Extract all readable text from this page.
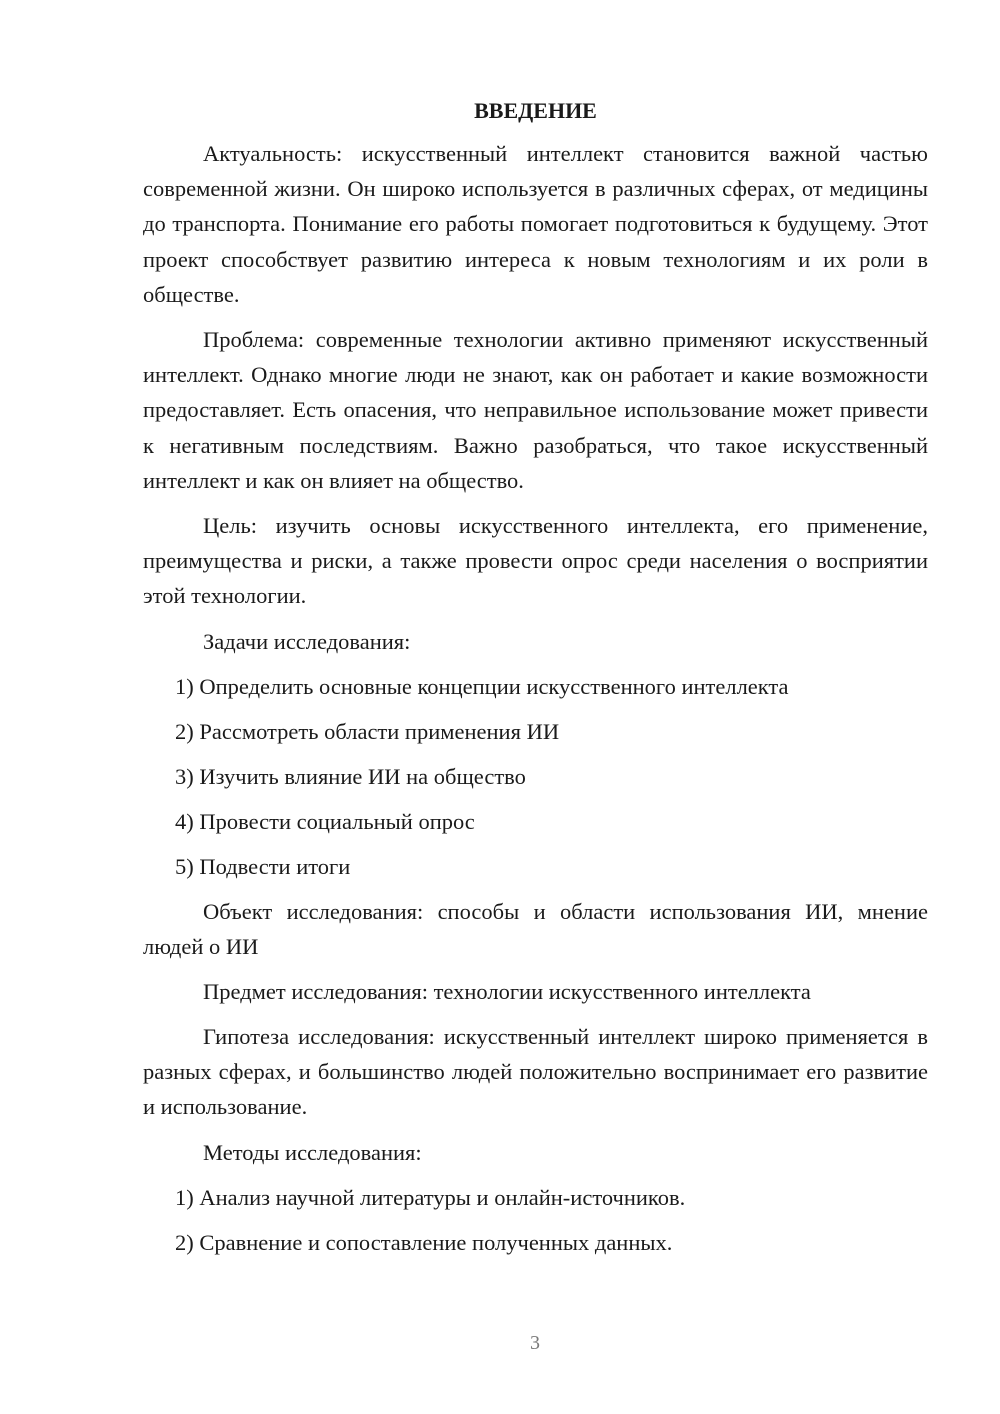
ВВЕДЕНИЕ

Актуальность: искусственный интеллект становится важной частью современной жизни. Он широко используется в различных сферах, от медицины до транспорта. Понимание его работы помогает подготовиться к будущему. Этот проект способствует развитию интереса к новым технологиям и их роли в обществе.

Проблема: современные технологии активно применяют искусственный интеллект. Однако многие люди не знают, как он работает и какие возможности предоставляет. Есть опасения, что неправильное использование может привести к негативным последствиям. Важно разобраться, что такое искусственный интеллект и как он влияет на общество.

Цель: изучить основы искусственного интеллекта, его применение, преимущества и риски, а также провести опрос среди населения о восприятии этой технологии.

Задачи исследования:
1) Определить основные концепции искусственного интеллекта
2) Рассмотреть области применения ИИ
3) Изучить влияние ИИ на общество
4) Провести социальный опрос
5) Подвести итоги

Объект исследования: способы и области использования ИИ, мнение людей о ИИ

Предмет исследования: технологии искусственного интеллекта

Гипотеза исследования: искусственный интеллект широко применяется в разных сферах, и большинство людей положительно воспринимает его развитие и использование.

Методы исследования:
1) Анализ научной литературы и онлайн-источников.
2) Сравнение и сопоставление полученных данных.
3
